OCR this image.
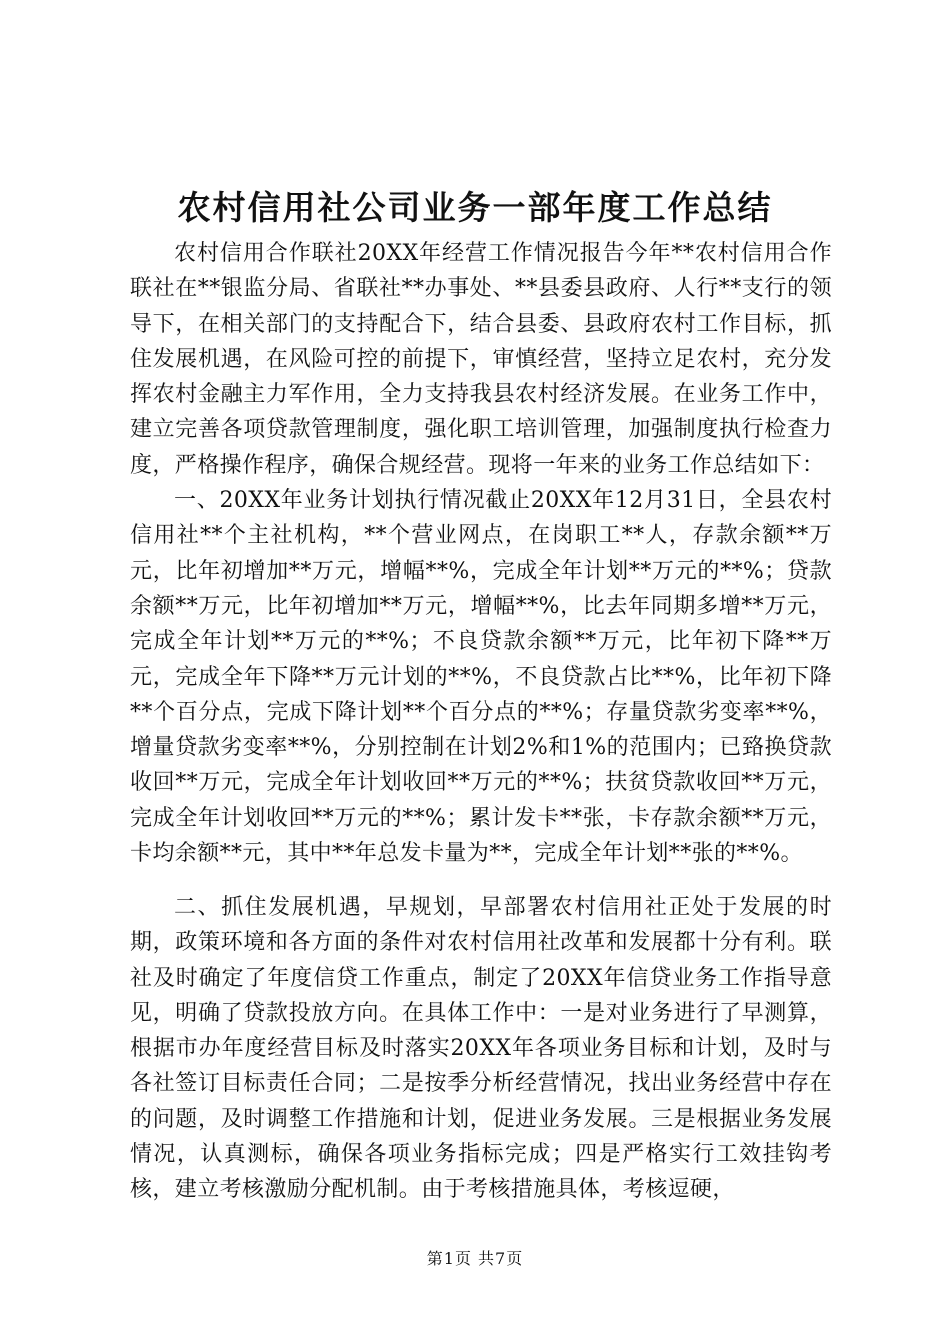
农村信用社公司业务一部年度工作总结

农村信用合作联社20XX年经营工作情况报告今年**农村信用合作联社在**银监分局、省联社**办事处、**县委县政府、人行**支行的领导下，在相关部门的支持配合下，结合县委、县政府农村工作目标，抓住发展机遇，在风险可控的前提下，审慎经营，坚持立足农村，充分发挥农村金融主力军作用，全力支持我县农村经济发展。在业务工作中，建立完善各项贷款管理制度，强化职工培训管理，加强制度执行检查力度，严格操作程序，确保合规经营。现将一年来的业务工作总结如下：

一、20XX年业务计划执行情况截止20XX年12月31日，全县农村信用社**个主社机构，**个营业网点，在岗职工**人，存款余额**万元，比年初增加**万元，增幅**%，完成全年计划**万元的**%；贷款余额**万元，比年初增加**万元，增幅**%，比去年同期多增**万元，完成全年计划**万元的**%；不良贷款余额**万元，比年初下降**万元，完成全年下降**万元计划的**%，不良贷款占比**%，比年初下降**个百分点，完成下降计划**个百分点的**%；存量贷款劣变率**%，增量贷款劣变率**%，分别控制在计划2%和1%的范围内；已臵换贷款收回**万元，完成全年计划收回**万元的**%；扶贫贷款收回**万元，完成全年计划收回**万元的**%；累计发卡**张，卡存款余额**万元，卡均余额**元，其中**年总发卡量为**，完成全年计划**张的**%。

二、抓住发展机遇，早规划，早部署农村信用社正处于发展的时期，政策环境和各方面的条件对农村信用社改革和发展都十分有利。联社及时确定了年度信贷工作重点，制定了20XX年信贷业务工作指导意见，明确了贷款投放方向。在具体工作中：一是对业务进行了早测算，根据市办年度经营目标及时落实20XX年各项业务目标和计划，及时与各社签订目标责任合同；二是按季分析经营情况，找出业务经营中存在的问题，及时调整工作措施和计划，促进业务发展。三是根据业务发展情况，认真测标，确保各项业务指标完成；四是严格实行工效挂钩考核，建立考核激励分配机制。由于考核措施具体，考核逗硬，

第1页 共7页
